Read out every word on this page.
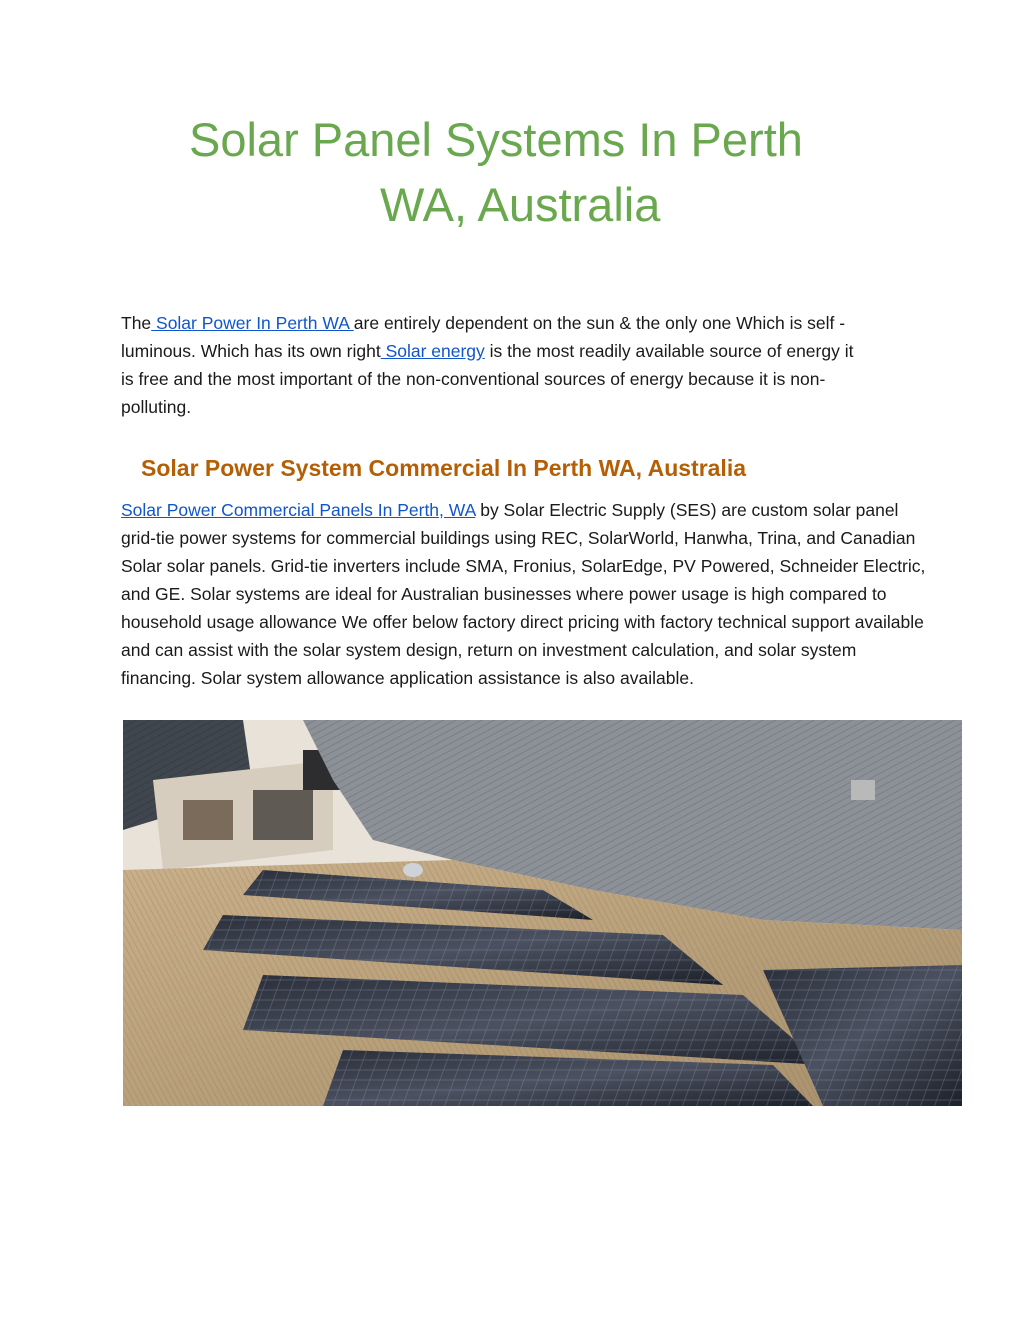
Solar Panel Systems In Perth
WA, Australia

The Solar Power In Perth WA are entirely dependent on the sun & the only one Which is self -luminous. Which has its own right Solar energy is the most readily available source of energy it is free and the most important of the non-conventional sources of energy because it is non-polluting.

Solar Power System Commercial In Perth WA, Australia

Solar Power Commercial Panels In Perth, WA by Solar Electric Supply (SES) are custom solar panel grid-tie power systems for commercial buildings using REC, SolarWorld, Hanwha, Trina, and Canadian Solar solar panels. Grid-tie inverters include SMA, Fronius, SolarEdge, PV Powered, Schneider Electric, and GE. Solar systems are ideal for Australian businesses where power usage is high compared to household usage allowance We offer below factory direct pricing with factory technical support available and can assist with the solar system design, return on investment calculation, and solar system financing. Solar system allowance application assistance is also available.
